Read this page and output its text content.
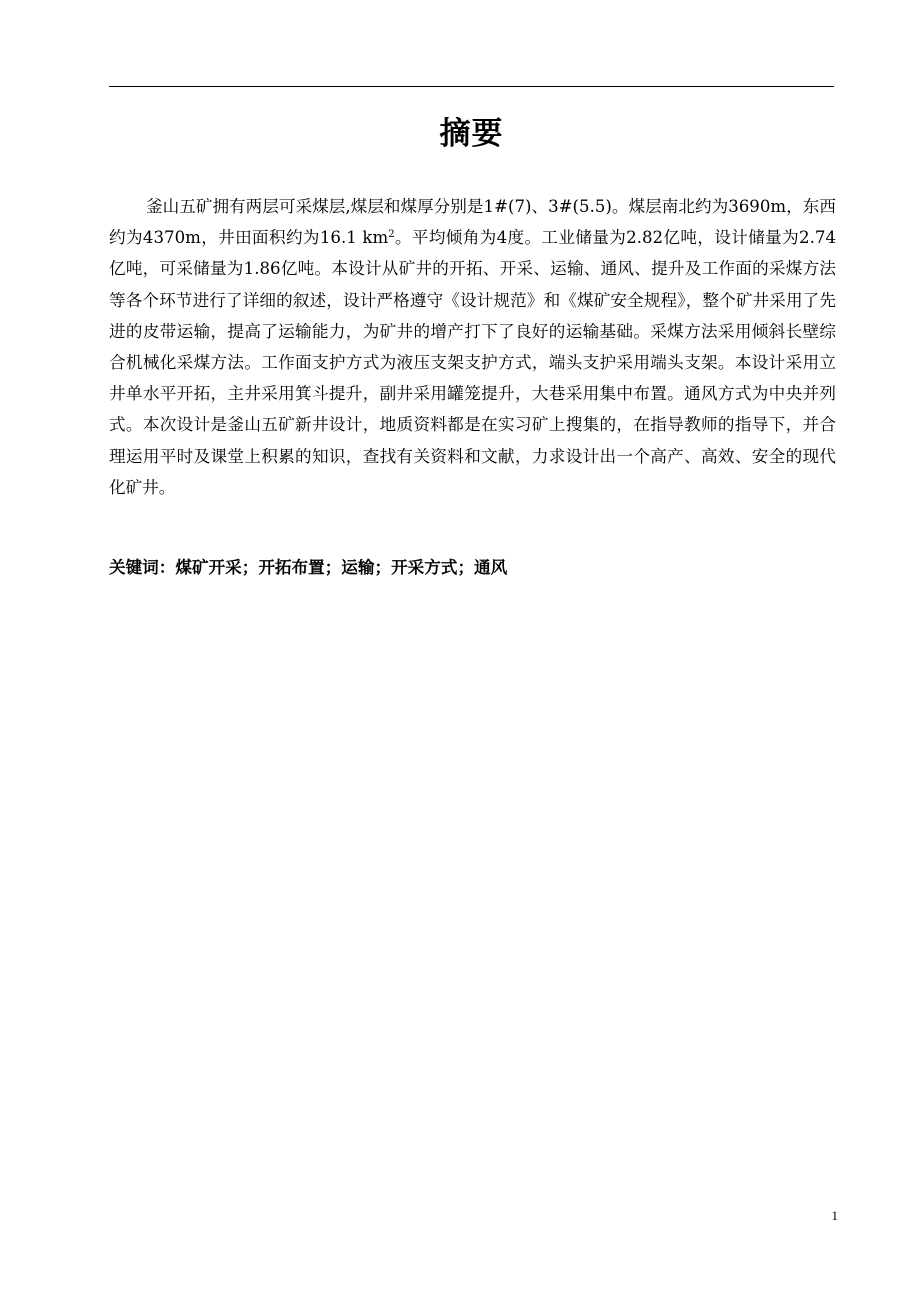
摘要

釜山五矿拥有两层可采煤层,煤层和煤厚分别是1#(7)、3#(5.5)。煤层南北约为3690m，东西约为4370m，井田面积约为16.1 $km^2$。平均倾角为4度。工业储量为2.82亿吨，设计储量为2.74亿吨，可采储量为1.86亿吨。本设计从矿井的开拓、开采、运输、通风、提升及工作面的采煤方法等各个环节进行了详细的叙述，设计严格遵守《设计规范》和《煤矿安全规程》，整个矿井采用了先进的皮带运输，提高了运输能力，为矿井的增产打下了良好的运输基础。采煤方法采用倾斜长壁综合机械化采煤方法。工作面支护方式为液压支架支护方式，端头支护采用端头支架。本设计采用立井单水平开拓，主井采用箕斗提升，副井采用罐笼提升，大巷采用集中布置。通风方式为中央并列式。本次设计是釜山五矿新井设计，地质资料都是在实习矿上搜集的，在指导教师的指导下，并合理运用平时及课堂上积累的知识，查找有关资料和文献，力求设计出一个高产、高效、安全的现代化矿井。

关键词：煤矿开采；开拓布置；运输；开采方式；通风
1
